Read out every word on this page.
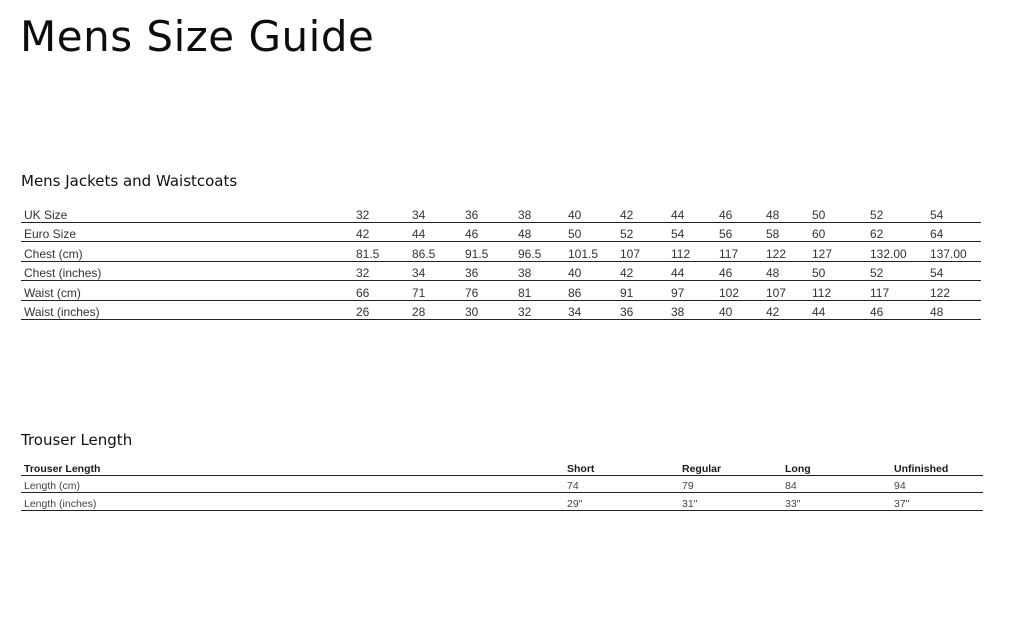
Mens Size Guide
Mens Jackets and Waistcoats
UK Size	32	34	36	38	40	42	44	46	48	50	52	54
Euro Size	42	44	46	48	50	52	54	56	58	60	62	64
Chest (cm)	81.5	86.5	91.5	96.5	101.5	107	112	117	122	127	132.00	137.00
Chest (inches)	32	34	36	38	40	42	44	46	48	50	52	54
Waist (cm)	66	71	76	81	86	91	97	102	107	112	117	122
Waist (inches)	26	28	30	32	34	36	38	40	42	44	46	48
Trouser Length
Trouser Length	Short	Regular	Long	Unfinished
Length (cm)	74	79	84	94
Length (inches)	29"	31"	33"	37"
